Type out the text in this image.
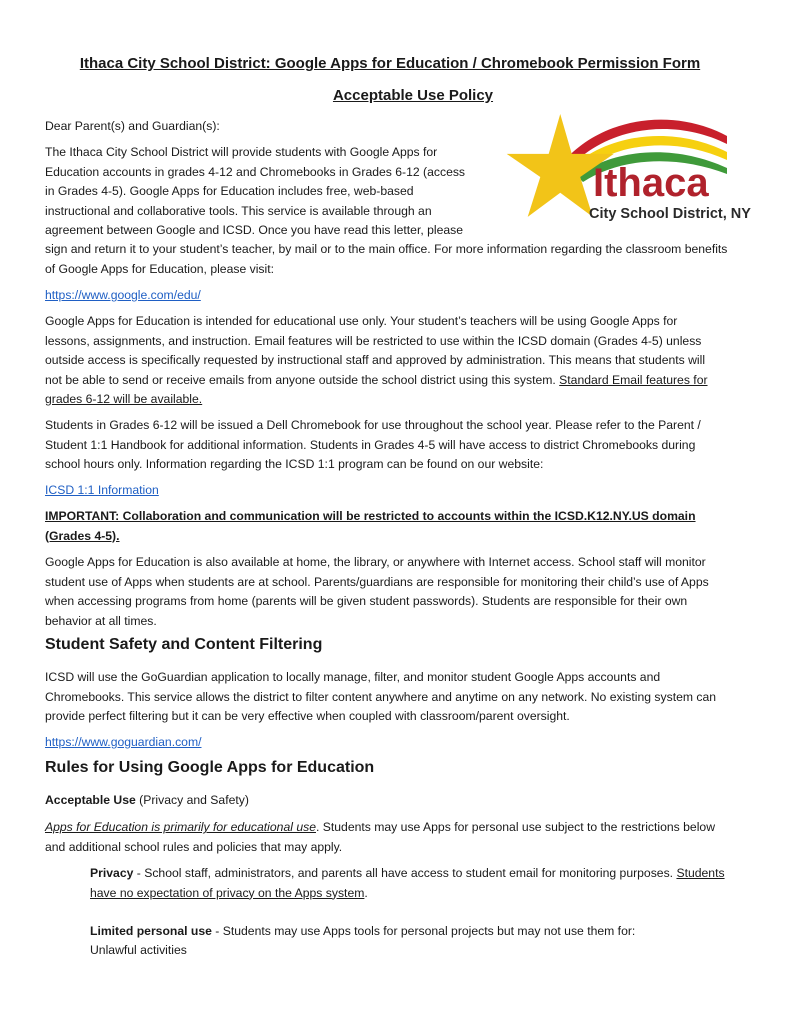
Ithaca City School District: Google Apps for Education / Chromebook Permission Form
Acceptable Use Policy
Ithaca
City School District, NY

Dear Parent(s) and Guardian(s):

The Ithaca City School District will provide students with Google Apps for
Education accounts in grades 4-12 and Chromebooks in Grades 6-12 (access
in Grades 4-5). Google Apps for Education includes free, web-based
instructional and collaborative tools. This service is available through an
agreement between Google and ICSD. Once you have read this letter, please

sign and return it to your student’s teacher, by mail or to the main office. For more information regarding the classroom benefits of Google Apps for Education, please visit:

https://www.google.com/edu/

Google Apps for Education is intended for educational use only. Your student’s teachers will be using Google Apps for lessons, assignments, and instruction. Email features will be restricted to use within the ICSD domain (Grades 4-5) unless outside access is specifically requested by instructional staff and approved by administration. This means that students will not be able to send or receive emails from anyone outside the school district using this system. Standard Email features for grades 6-12 will be available.

Students in Grades 6-12 will be issued a Dell Chromebook for use throughout the school year. Please refer to the Parent / Student 1:1 Handbook for additional information. Students in Grades 4-5 will have access to district Chromebooks during school hours only. Information regarding the ICSD 1:1 program can be found on our website:

ICSD 1:1 Information

IMPORTANT: Collaboration and communication will be restricted to accounts within the ICSD.K12.NY.US domain (Grades 4-5).

Google Apps for Education is also available at home, the library, or anywhere with Internet access. School staff will monitor student use of Apps when students are at school. Parents/guardians are responsible for monitoring their child’s use of Apps when accessing programs from home (parents will be given student passwords). Students are responsible for their own behavior at all times.

Student Safety and Content Filtering

ICSD will use the GoGuardian application to locally manage, filter, and monitor student Google Apps accounts and Chromebooks. This service allows the district to filter content anywhere and anytime on any network. No existing system can provide perfect filtering but it can be very effective when coupled with classroom/parent oversight.

https://www.goguardian.com/

Rules for Using Google Apps for Education

Acceptable Use (Privacy and Safety)

Apps for Education is primarily for educational use. Students may use Apps for personal use subject to the restrictions below and additional school rules and policies that may apply.

Privacy - School staff, administrators, and parents all have access to student email for monitoring purposes. Students have no expectation of privacy on the Apps system.

Limited personal use - Students may use Apps tools for personal projects but may not use them for:

Unlawful activities
